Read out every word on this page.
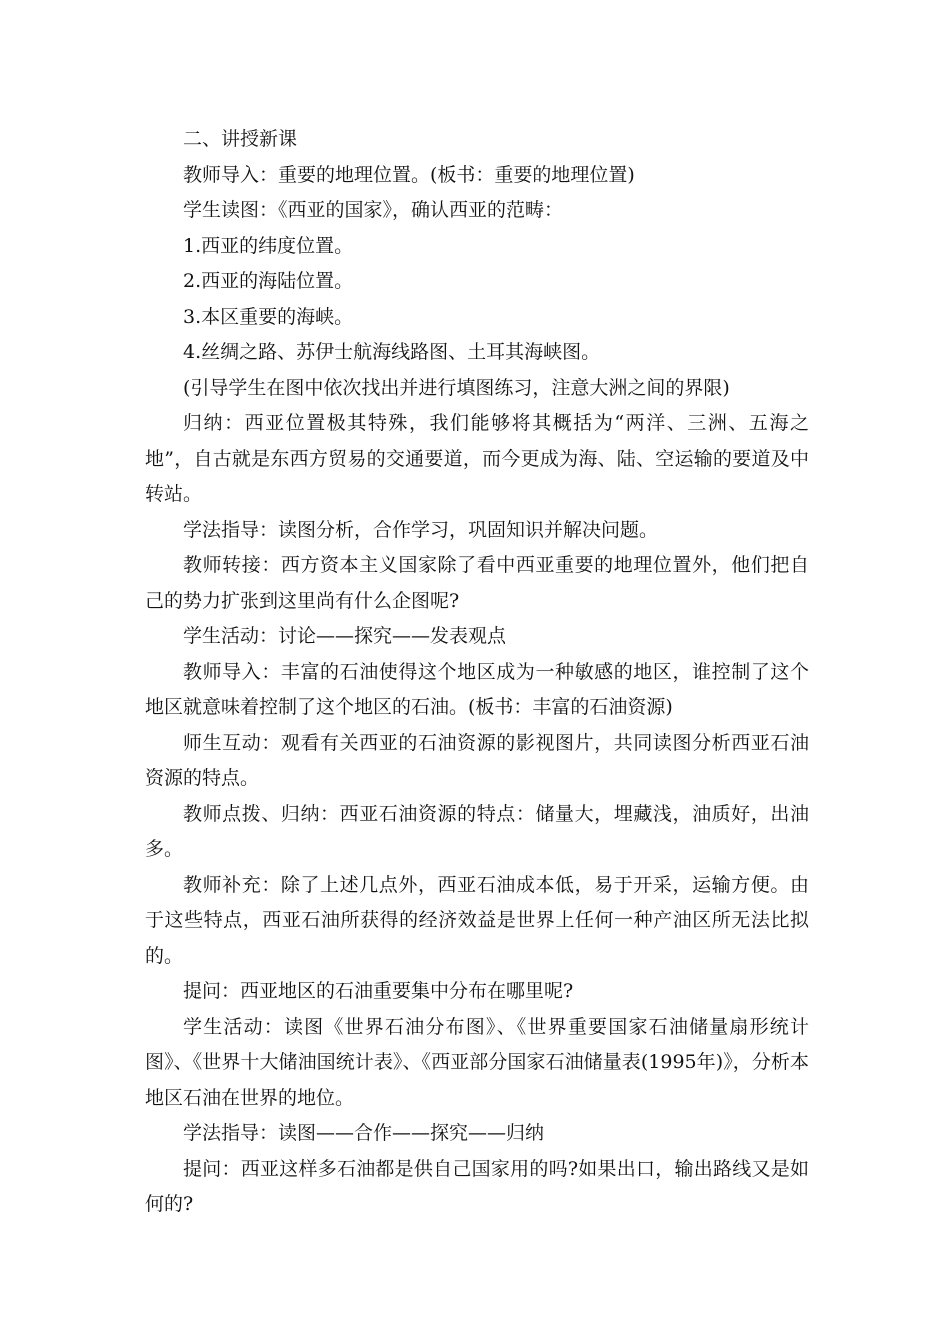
二、讲授新课

教师导入：重要的地理位置。(板书：重要的地理位置)

学生读图：《西亚的国家》，确认西亚的范畴：

1.西亚的纬度位置。

2.西亚的海陆位置。

3.本区重要的海峡。

4.丝绸之路、苏伊士航海线路图、土耳其海峡图。

(引导学生在图中依次找出并进行填图练习，注意大洲之间的界限)

归纳：西亚位置极其特殊，我们能够将其概括为“两洋、三洲、五海之地”，自古就是东西方贸易的交通要道，而今更成为海、陆、空运输的要道及中转站。

学法指导：读图分析，合作学习，巩固知识并解决问题。

教师转接：西方资本主义国家除了看中西亚重要的地理位置外，他们把自己的势力扩张到这里尚有什么企图呢?

学生活动：讨论——探究——发表观点

教师导入：丰富的石油使得这个地区成为一种敏感的地区，谁控制了这个地区就意味着控制了这个地区的石油。(板书：丰富的石油资源)

师生互动：观看有关西亚的石油资源的影视图片，共同读图分析西亚石油资源的特点。

教师点拨、归纳：西亚石油资源的特点：储量大，埋藏浅，油质好，出油多。

教师补充：除了上述几点外，西亚石油成本低，易于开采，运输方便。由于这些特点，西亚石油所获得的经济效益是世界上任何一种产油区所无法比拟的。

提问：西亚地区的石油重要集中分布在哪里呢?

学生活动：读图《世界石油分布图》、《世界重要国家石油储量扇形统计图》、《世界十大储油国统计表》、《西亚部分国家石油储量表(1995年)》，分析本地区石油在世界的地位。

学法指导：读图——合作——探究——归纳

提问：西亚这样多石油都是供自己国家用的吗?如果出口，输出路线又是如何的?
